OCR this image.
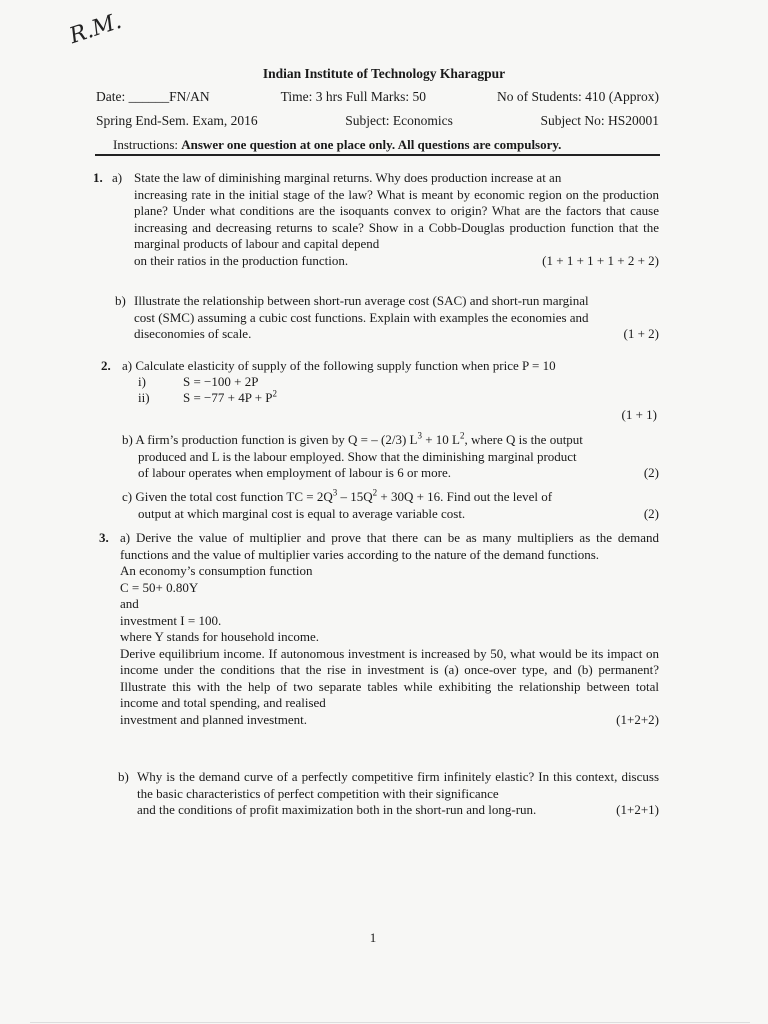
R.M.
Indian Institute of Technology Kharagpur
Date: ______FN/AN	Time: 3 hrs Full Marks: 50	No of Students: 410 (Approx)
Spring End-Sem. Exam, 2016	Subject: Economics	Subject No: HS20001
Instructions: Answer one question at one place only. All questions are compulsory.
1. a) State the law of diminishing marginal returns. Why does production increase at an

increasing rate in the initial stage of the law? What is meant by economic region on the production plane? Under what conditions are the isoquants convex to origin? What are the factors that cause increasing and decreasing returns to scale? Show in a Cobb-Douglas production function that the marginal products of labour and capital depend

on their ratios in the production function.	(1 + 1 + 1 + 1 + 2 + 2)

b) Illustrate the relationship between short-run average cost (SAC) and short-run marginal

cost (SMC) assuming a cubic cost functions. Explain with examples the economies and

diseconomies of scale.	(1 + 2)

2. a) Calculate elasticity of supply of the following supply function when price P = 10
i)	S = −100 + 2P
ii)	$S = -77 + 4P + P^2$
(1 + 1)

b) A firm’s production function is given by Q = – (2/3) $L^3 + 10$ $L^2$, where Q is the output

produced and L is the labour employed. Show that the diminishing marginal product

of labour operates when employment of labour is 6 or more.	(2)

c) Given the total cost function TC = $2Q^3 - 15Q^2 + 30Q + 16$. Find out the level of

output at which marginal cost is equal to average variable cost.	(2)

3. a) Derive the value of multiplier and prove that there can be as many multipliers as the demand functions and the value of multiplier varies according to the nature of the demand functions.

An economy’s consumption function

C = 50+ 0.80Y

and

investment I = 100.

where Y stands for household income.

Derive equilibrium income. If autonomous investment is increased by 50, what would be its impact on income under the conditions that the rise in investment is (a) once-over type, and (b) permanent? Illustrate this with the help of two separate tables while exhibiting the relationship between total income and total spending, and realised

investment and planned investment.	(1+2+2)

b) Why is the demand curve of a perfectly competitive firm infinitely elastic? In this context, discuss the basic characteristics of perfect competition with their significance

and the conditions of profit maximization both in the short-run and long-run.	(1+2+1)

1
